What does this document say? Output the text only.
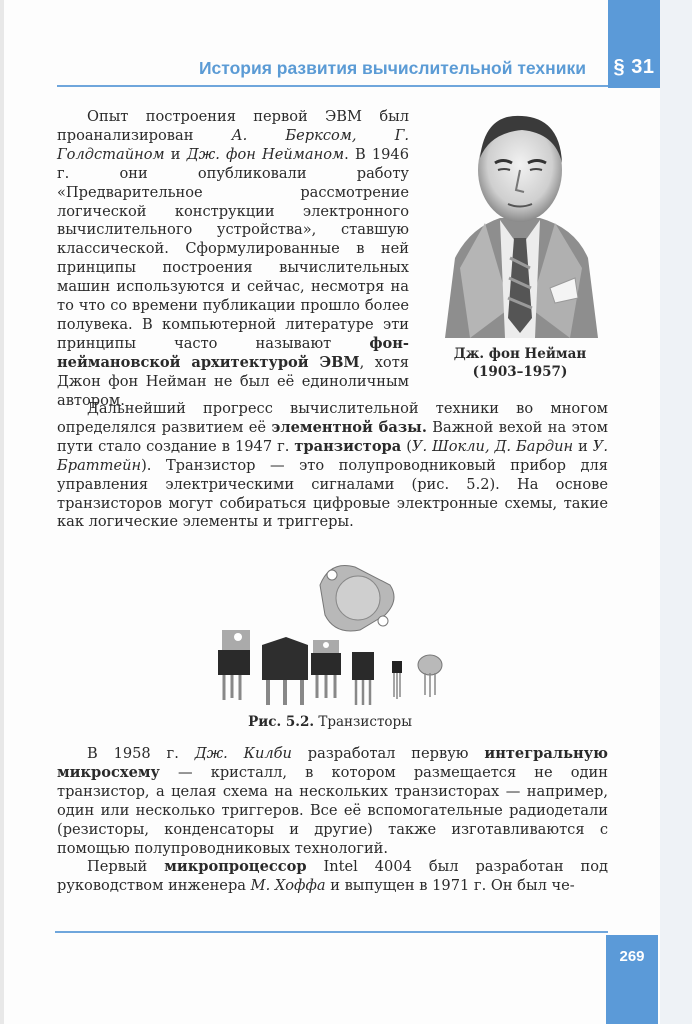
§ 31
История развития вычислительной техники

Опыт построения первой ЭВМ был проанализирован А. Берксом, Г. Голдстайном и Дж. фон Нейманом. В 1946 г. они опубликовали работу «Предварительное рассмотрение логической конструкции электронного вычислительного устройства», ставшую классической. Сформулированные в ней принципы построения вычислительных машин используются и сейчас, несмотря на то что со времени публикации прошло более полувека. В компьютерной литературе эти принципы часто называют фон-неймановской архитектурой ЭВМ, хотя Джон фон Нейман не был её единоличным автором.

Дж. фон Нейман
(1903–1957)

Дальнейший прогресс вычислительной техники во многом определялся развитием её элементной базы. Важной вехой на этом пути стало создание в 1947 г. транзистора (У. Шокли, Д. Бардин и У. Браттейн). Транзистор — это полупроводниковый прибор для управления электрическими сигналами (рис. 5.2). На основе транзисторов могут собираться цифровые электронные схемы, такие как логические элементы и триггеры.

Рис. 5.2. Транзисторы

В 1958 г. Дж. Килби разработал первую интегральную микросхему — кристалл, в котором размещается не один транзистор, а целая схема на нескольких транзисторах — например, один или несколько триггеров. Все её вспомогательные радиодетали (резисторы, конденсаторы и другие) также изготавливаются с помощью полупроводниковых технологий.

Первый микропроцессор Intel 4004 был разработан под руководством инженера М. Хоффа и выпущен в 1971 г. Он был че-

269
